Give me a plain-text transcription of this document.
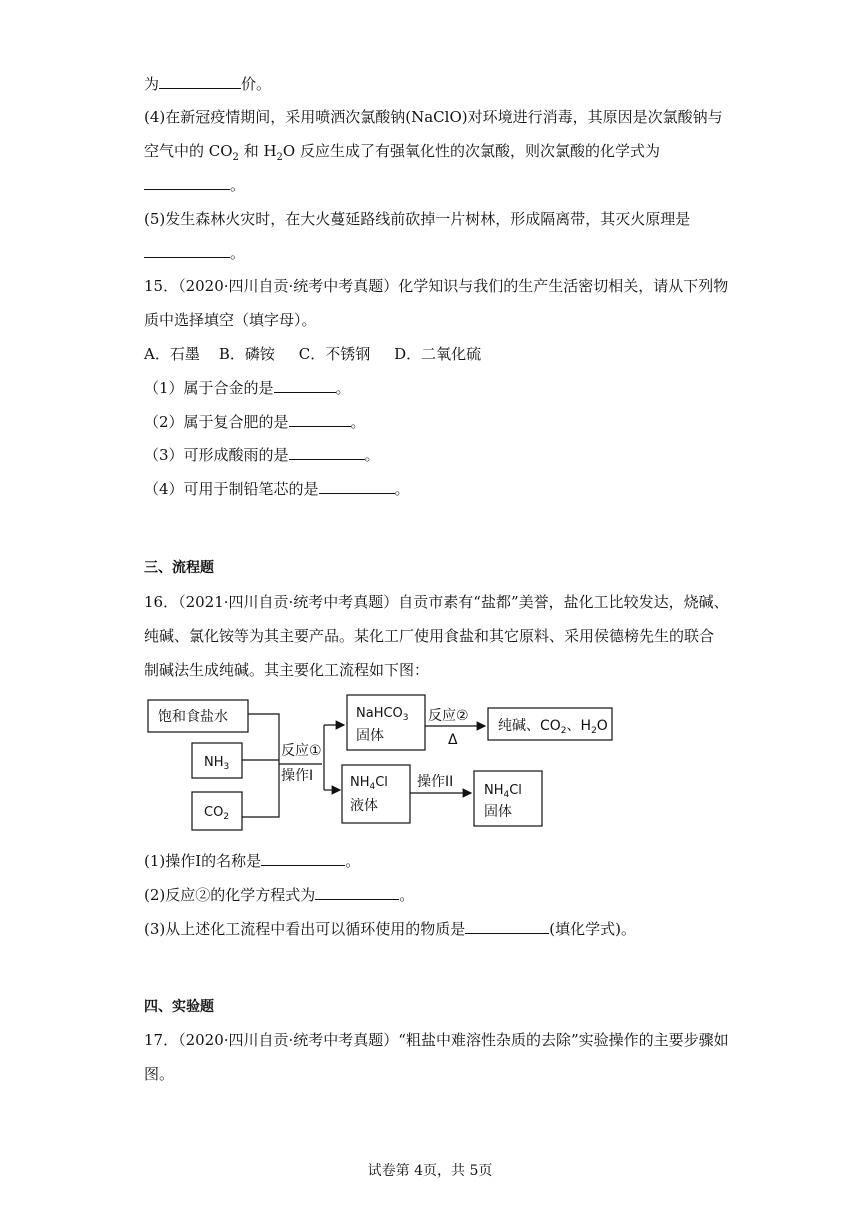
为	价。
(4)在新冠疫情期间，采用喷洒次氯酸钠(NaClO)对环境进行消毒，其原因是次氯酸钠与
空气中的 $CO_2$ 和 $H_2O$ 反应生成了有强氧化性的次氯酸，则次氯酸的化学式为
。
(5)发生森林火灾时，在大火蔓延路线前砍掉一片树林，形成隔离带，其灭火原理是
。
15．（2020·四川自贡·统考中考真题）化学知识与我们的生产生活密切相关，请从下列物
质中选择填空（填字母）。
A．石墨    B．磷铵     C．不锈钢     D．二氧化硫
（1）属于合金的是	。
（2）属于复合肥的是	。
（3）可形成酸雨的是	。
（4）可用于制铅笔芯的是	。
三、流程题
16．（2021·四川自贡·统考中考真题）自贡市素有“盐都”美誉，盐化工比较发达，烧碱、
纯碱、氯化铵等为其主要产品。某化工厂使用食盐和其它原料、采用侯德榜先生的联合
制碱法生成纯碱。其主要化工流程如下图：
饱和食盐水
$NH_3$
$CO_2$
反应①
操作I
NaHCO$_3$
固体
反应②
Δ
纯碱、$CO_2$、$H_2O$
$NH_4Cl$
液体
操作II
$NH_4Cl$
固体
(1)操作I的名称是	。
(2)反应②的化学方程式为	。
(3)从上述化工流程中看出可以循环使用的物质是	(填化学式)。
四、实验题
17．（2020·四川自贡·统考中考真题）“粗盐中难溶性杂质的去除”实验操作的主要步骤如
图。
试卷第 4页，共 5页
